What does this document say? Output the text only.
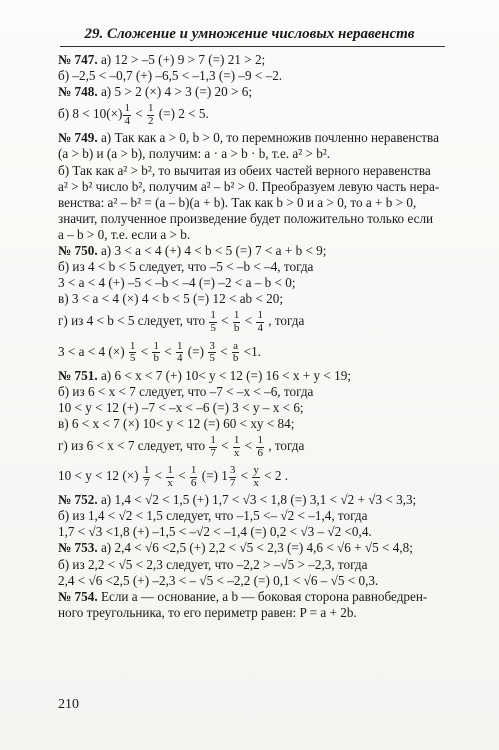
29. Сложение и умножение числовых неравенств
№ 747. а) 12 > –5 (+) 9 > 7 (=) 21 > 2;
б) –2,5 < –0,7 (+) –6,5 < –1,3 (=) –9 < –2.
№ 748. а) 5 > 2 (×) 4 > 3 (=) 20 > 6;
б) $8 < 10(\times) \frac{1}{4} < \frac{1}{2}$ (=) 2 < 5.
№ 749. а) Так как a > 0, b > 0, то перемножив почленно неравенства
(a > b) и (a > b), получим: a · a > b · b, т.е. a² > b².
б) Так как a² > b², то вычитая из обеих частей верного неравенства
a² > b² число b², получим a² – b² > 0. Преобразуем левую часть нера-
венства: a² – b² = (a – b)(a + b). Так как b > 0 и a > 0, то a + b > 0,
значит, полученное произведение будет положительно только если
a – b > 0, т.е. если a > b.
№ 750. а) 3 < a < 4 (+) 4 < b < 5 (=) 7 < a + b < 9;
б) из 4 < b < 5 следует, что –5 < –b < –4, тогда
3 < a < 4 (+) –5 < –b < –4 (=) –2 < a – b < 0;
в) 3 < a < 4 (×) 4 < b < 5 (=) 12 < ab < 20;
г) из 4 < b < 5 следует, что $\frac{1}{5} < \frac{1}{b} < \frac{1}{4}$ , тогда
3 < a < 4 (×) $\frac{1}{5} < \frac{1}{b} < \frac{1}{4}$ (=) $\frac{3}{5} < \frac{a}{b} <1$.
№ 751. а) 6 < x < 7 (+) 10< y < 12 (=) 16 < x + y < 19;
б) из 6 < x < 7 следует, что –7 < –x < –6, тогда
10 < y < 12 (+) –7 < –x < –6 (=) 3 < y – x < 6;
в) 6 < x < 7 (×) 10< y < 12 (=) 60 < xy < 84;
г) из 6 < x < 7 следует, что $\frac{1}{7} < \frac{1}{x} < \frac{1}{6}$ , тогда
10 < y < 12 (×) $\frac{1}{7} < \frac{1}{x} < \frac{1}{6}$ (=) $1 \frac{3}{7} < \frac{y}{x} < 2$ .
№ 752. а) 1,4 < √2 < 1,5 (+) 1,7 < √3 < 1,8 (=) 3,1 < √2 + √3 < 3,3;
б) из 1,4 < √2 < 1,5 следует, что –1,5 <– √2 < –1,4, тогда
1,7 < √3 <1,8 (+) –1,5 < –√2 < –1,4 (=) 0,2 < √3 – √2 <0,4.
№ 753. а) 2,4 < √6 <2,5 (+) 2,2 < √5 < 2,3 (=) 4,6 < √6 + √5 < 4,8;
б) из 2,2 < √5 < 2,3 следует, что –2,2 > –√5 > –2,3, тогда
2,4 < √6 <2,5 (+) –2,3 < – √5 < –2,2 (=) 0,1 < √6 – √5 < 0,3.
№ 754. Если a — основание, а b — боковая сторона равнобедрен-
ного треугольника, то его периметр равен: P = a + 2b.
210
